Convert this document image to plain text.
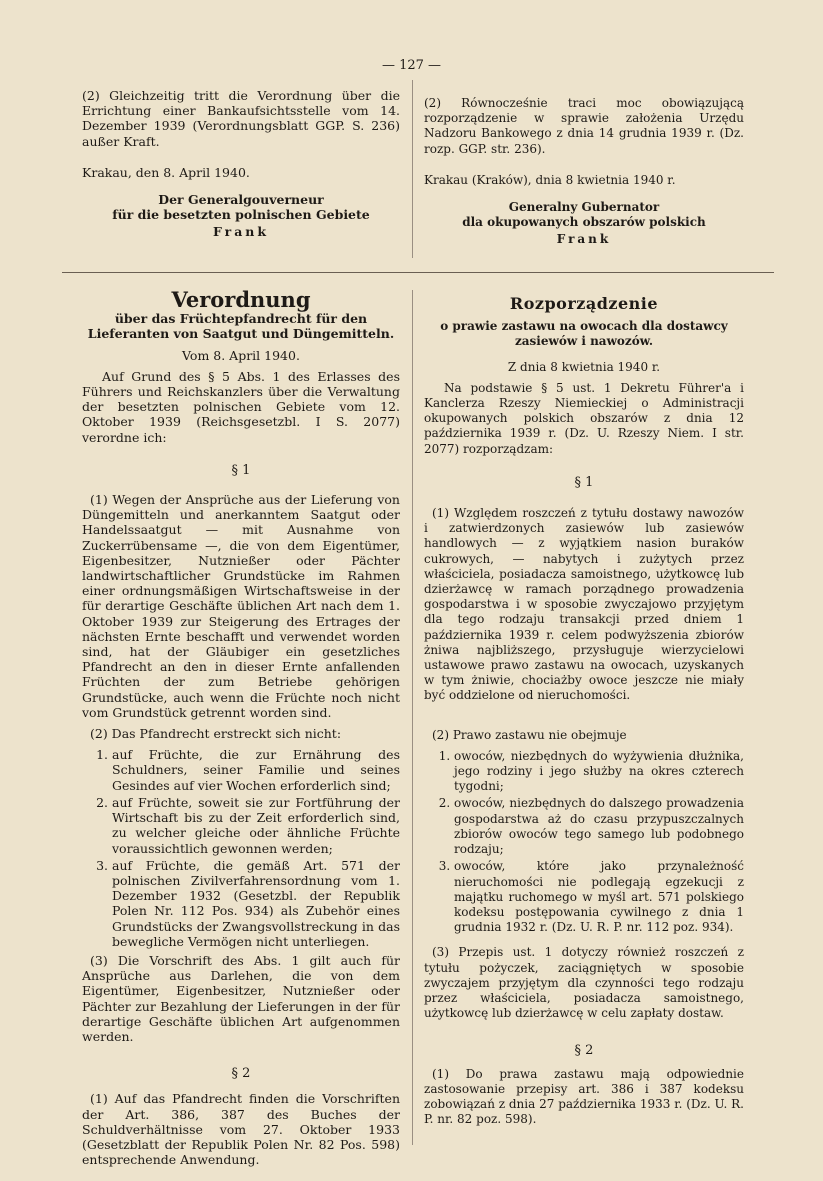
— 127 —

(2) Gleichzeitig tritt die Verordnung über die Errichtung einer Bankaufsichtsstelle vom 14. Dezember 1939 (Verordnungsblatt GGP. S. 236) außer Kraft.

Krakau, den 8. April 1940.

Der Generalgouverneur

für die besetzten polnischen Gebiete

Frank

(2) Równocześnie traci moc obowiązującą rozporządzenie w sprawie założenia Urzędu Nadzoru Bankowego z dnia 14 grudnia 1939 r. (Dz. rozp. GGP. str. 236).

Krakau (Kraków), dnia 8 kwietnia 1940 r.

Generalny Gubernator

dla okupowanych obszarów polskich

Frank

Verordnung

über das Früchtepfandrecht für den Lieferanten von Saatgut und Düngemitteln.

Vom 8. April 1940.

Auf Grund des § 5 Abs. 1 des Erlasses des Führers und Reichskanzlers über die Verwaltung der besetzten polnischen Gebiete vom 12. Oktober 1939 (Reichsgesetzbl. I S. 2077) verordne ich:

§ 1

(1) Wegen der Ansprüche aus der Lieferung von Düngemitteln und anerkanntem Saatgut oder Handelssaatgut — mit Ausnahme von Zuckerrübensame —, die von dem Eigentümer, Eigenbesitzer, Nutznießer oder Pächter landwirtschaftlicher Grundstücke im Rahmen einer ordnungsmäßigen Wirtschaftsweise in der für derartige Geschäfte üblichen Art nach dem 1. Oktober 1939 zur Steigerung des Ertrages der nächsten Ernte beschafft und verwendet worden sind, hat der Gläubiger ein gesetzliches Pfandrecht an den in dieser Ernte anfallenden Früchten der zum Betriebe gehörigen Grundstücke, auch wenn die Früchte noch nicht vom Grundstück getrennt worden sind.

(2) Das Pfandrecht erstreckt sich nicht:

1. auf Früchte, die zur Ernährung des Schuldners, seiner Familie und seines Gesindes auf vier Wochen erforderlich sind;
2. auf Früchte, soweit sie zur Fortführung der Wirtschaft bis zu der Zeit erforderlich sind, zu welcher gleiche oder ähnliche Früchte voraussichtlich gewonnen werden;
3. auf Früchte, die gemäß Art. 571 der polnischen Zivilverfahrensordnung vom 1. Dezember 1932 (Gesetzbl. der Republik Polen Nr. 112 Pos. 934) als Zubehör eines Grundstücks der Zwangsvollstreckung in das bewegliche Vermögen nicht unterliegen.

(3) Die Vorschrift des Abs. 1 gilt auch für Ansprüche aus Darlehen, die von dem Eigentümer, Eigenbesitzer, Nutznießer oder Pächter zur Bezahlung der Lieferungen in der für derartige Geschäfte üblichen Art aufgenommen werden.

§ 2

(1) Auf das Pfandrecht finden die Vorschriften der Art. 386, 387 des Buches der Schuldverhältnisse vom 27. Oktober 1933 (Gesetzblatt der Republik Polen Nr. 82 Pos. 598) entsprechende Anwendung.

Rozporządzenie

o prawie zastawu na owocach dla dostawcy zasiewów i nawozów.

Z dnia 8 kwietnia 1940 r.

Na podstawie § 5 ust. 1 Dekretu Führer'a i Kanclerza Rzeszy Niemieckiej o Administracji okupowanych polskich obszarów z dnia 12 października 1939 r. (Dz. U. Rzeszy Niem. I str. 2077) rozporządzam:

§ 1

(1) Względem roszczeń z tytułu dostawy nawozów i zatwierdzonych zasiewów lub zasiewów handlowych — z wyjątkiem nasion buraków cukrowych, — nabytych i zużytych przez właściciela, posiadacza samoistnego, użytkowcę lub dzierżawcę w ramach porządnego prowadzenia gospodarstwa i w sposobie zwyczajowo przyjętym dla tego rodzaju transakcji przed dniem 1 października 1939 r. celem podwyższenia zbiorów żniwa najbliższego, przysługuje wierzycielowi ustawowe prawo zastawu na owocach, uzyskanych w tym żniwie, chociażby owoce jeszcze nie miały być oddzielone od nieruchomości.

(2) Prawo zastawu nie obejmuje

1. owoców, niezbędnych do wyżywienia dłużnika, jego rodziny i jego służby na okres czterech tygodni;
2. owoców, niezbędnych do dalszego prowadzenia gospodarstwa aż do czasu przypuszczalnych zbiorów owoców tego samego lub podobnego rodzaju;
3. owoców, które jako przynależność nieruchomości nie podlegają egzekucji z majątku ruchomego w myśl art. 571 polskiego kodeksu postępowania cywilnego z dnia 1 grudnia 1932 r. (Dz. U. R. P. nr. 112 poz. 934).

(3) Przepis ust. 1 dotyczy również roszczeń z tytułu pożyczek, zaciągniętych w sposobie zwyczajem przyjętym dla czynności tego rodzaju przez właściciela, posiadacza samoistnego, użytkowcę lub dzierżawcę w celu zapłaty dostaw.

§ 2

(1) Do prawa zastawu mają odpowiednie zastosowanie przepisy art. 386 i 387 kodeksu zobowiązań z dnia 27 października 1933 r. (Dz. U. R. P. nr. 82 poz. 598).
